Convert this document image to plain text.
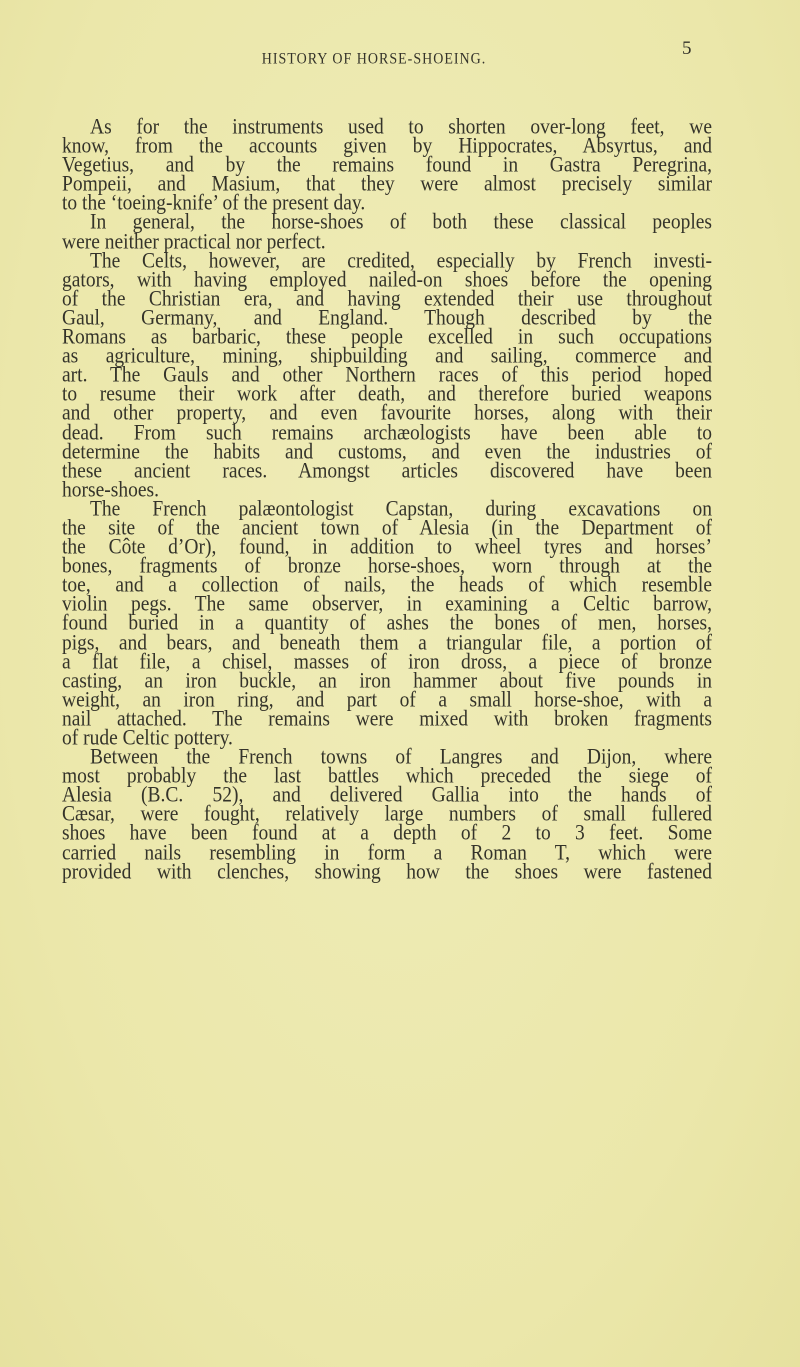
HISTORY OF HORSE-SHOEING.
5
As for the instruments used to shorten over-long feet, we
know, from the accounts given by Hippocrates, Absyrtus, and
Vegetius, and by the remains found in Gastra Peregrina,
Pompeii, and Masium, that they were almost precisely similar
to the ‘toeing-knife’ of the present day.
In general, the horse-shoes of both these classical peoples
were neither practical nor perfect.
The Celts, however, are credited, especially by French investi-
gators, with having employed nailed-on shoes before the opening
of the Christian era, and having extended their use throughout
Gaul, Germany, and England. Though described by the
Romans as barbaric, these people excelled in such occupations
as agriculture, mining, shipbuilding and sailing, commerce and
art. The Gauls and other Northern races of this period hoped
to resume their work after death, and therefore buried weapons
and other property, and even favourite horses, along with their
dead. From such remains archæologists have been able to
determine the habits and customs, and even the industries of
these ancient races. Amongst articles discovered have been
horse-shoes.
The French palæontologist Capstan, during excavations on
the site of the ancient town of Alesia (in the Department of
the Côte d’Or), found, in addition to wheel tyres and horses’
bones, fragments of bronze horse-shoes, worn through at the
toe, and a collection of nails, the heads of which resemble
violin pegs. The same observer, in examining a Celtic barrow,
found buried in a quantity of ashes the bones of men, horses,
pigs, and bears, and beneath them a triangular file, a portion of
a flat file, a chisel, masses of iron dross, a piece of bronze
casting, an iron buckle, an iron hammer about five pounds in
weight, an iron ring, and part of a small horse-shoe, with a
nail attached. The remains were mixed with broken fragments
of rude Celtic pottery.
Between the French towns of Langres and Dijon, where
most probably the last battles which preceded the siege of
Alesia (B.C. 52), and delivered Gallia into the hands of
Cæsar, were fought, relatively large numbers of small fullered
shoes have been found at a depth of 2 to 3 feet. Some
carried nails resembling in form a Roman T, which were
provided with clenches, showing how the shoes were fastened
